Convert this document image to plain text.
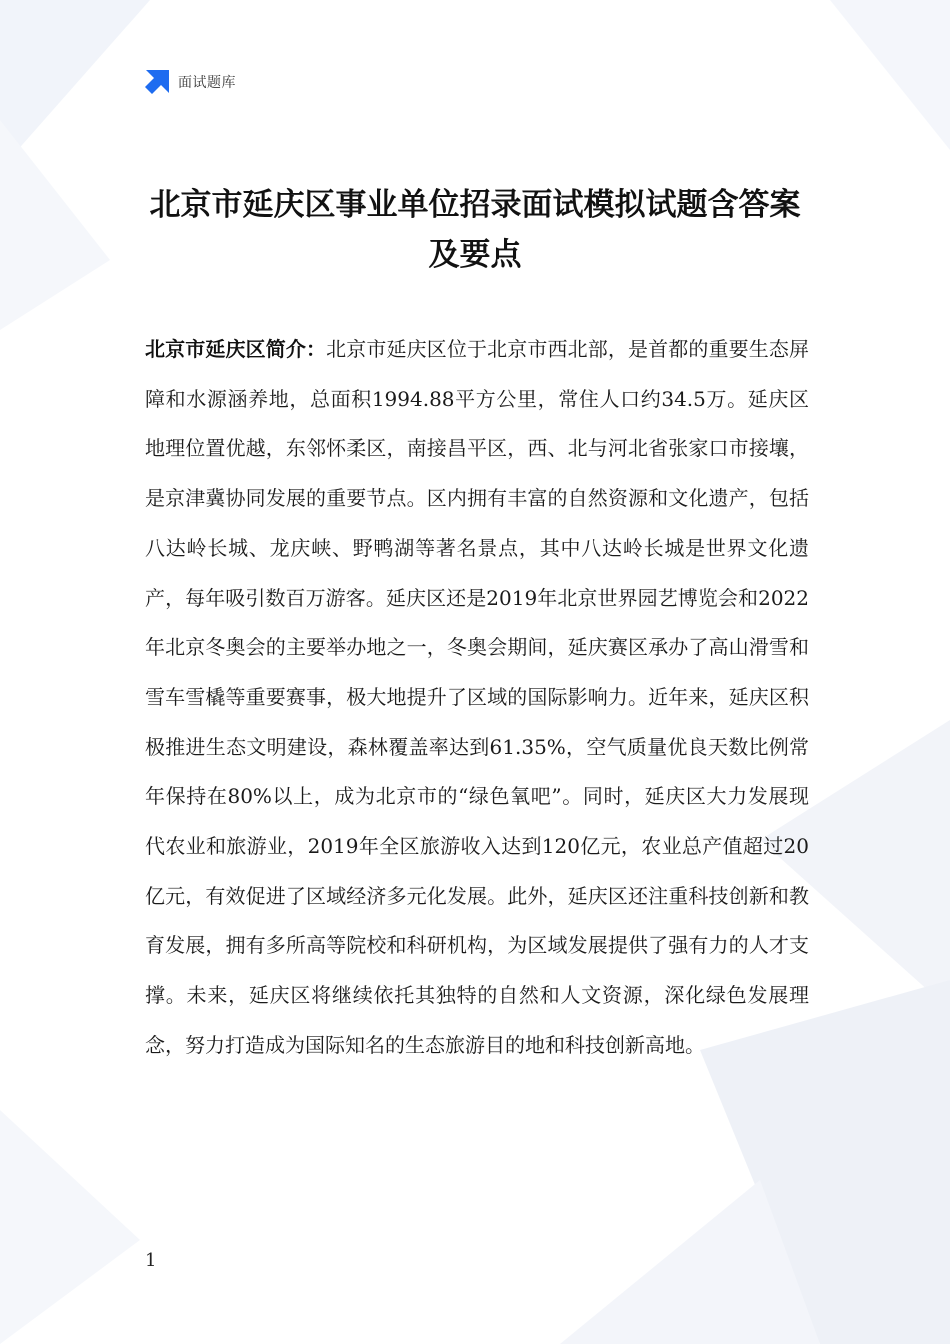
面试题库
北京市延庆区事业单位招录面试模拟试题含答案及要点

北京市延庆区简介：北京市延庆区位于北京市西北部，是首都的重要生态屏障和水源涵养地，总面积1994.88平方公里，常住人口约34.5万。延庆区地理位置优越，东邻怀柔区，南接昌平区，西、北与河北省张家口市接壤，是京津冀协同发展的重要节点。区内拥有丰富的自然资源和文化遗产，包括八达岭长城、龙庆峡、野鸭湖等著名景点，其中八达岭长城是世界文化遗产，每年吸引数百万游客。延庆区还是2019年北京世界园艺博览会和2022年北京冬奥会的主要举办地之一，冬奥会期间，延庆赛区承办了高山滑雪和雪车雪橇等重要赛事，极大地提升了区域的国际影响力。近年来，延庆区积极推进生态文明建设，森林覆盖率达到61.35%，空气质量优良天数比例常年保持在80%以上，成为北京市的“绿色氧吧”。同时，延庆区大力发展现代农业和旅游业，2019年全区旅游收入达到120亿元，农业总产值超过20亿元，有效促进了区域经济多元化发展。此外，延庆区还注重科技创新和教育发展，拥有多所高等院校和科研机构，为区域发展提供了强有力的人才支撑。未来，延庆区将继续依托其独特的自然和人文资源，深化绿色发展理念，努力打造成为国际知名的生态旅游目的地和科技创新高地。

1
